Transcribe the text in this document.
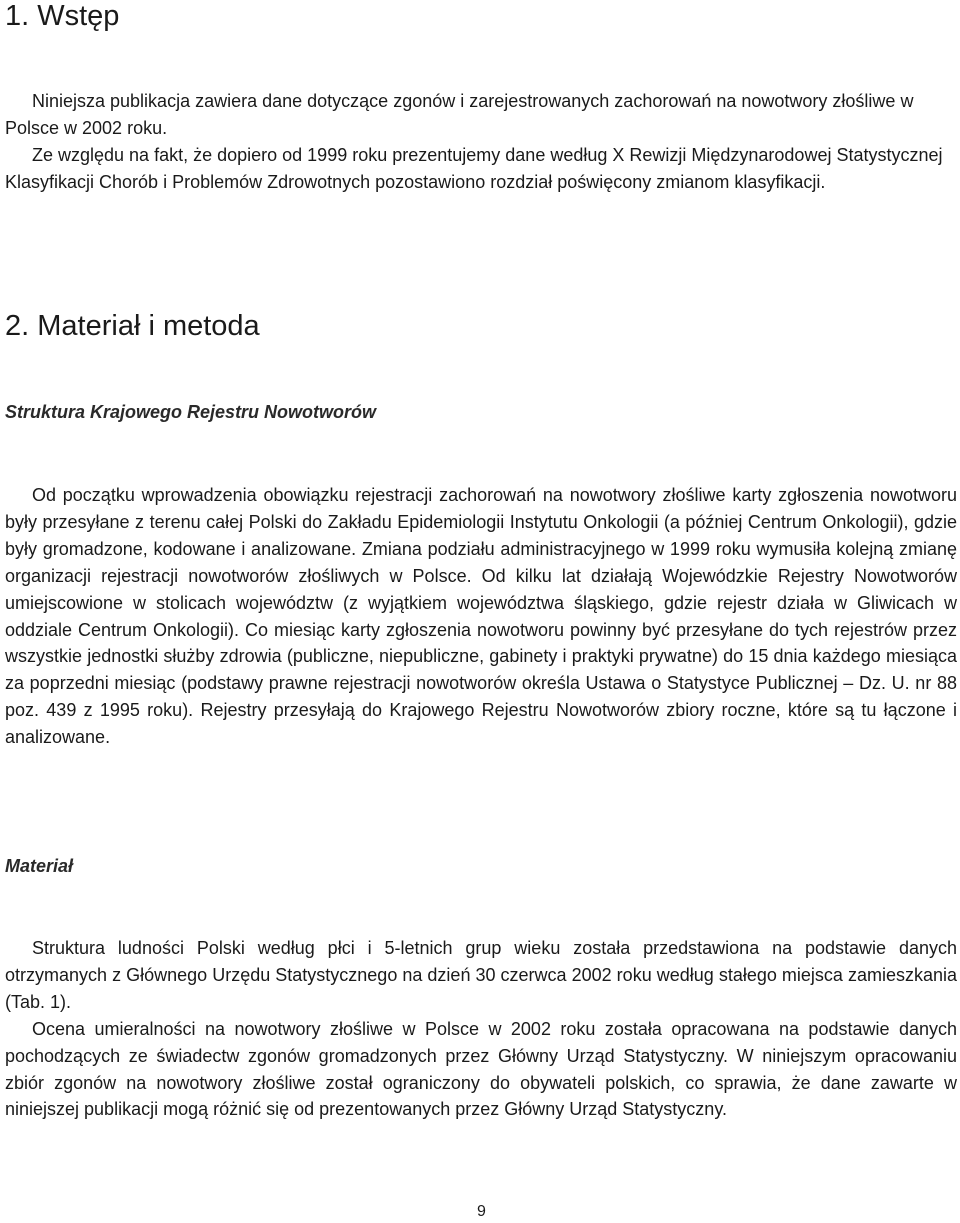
1. Wstęp

Niniejsza publikacja zawiera dane dotyczące zgonów i zarejestrowanych zachorowań na nowotwory złośliwe w Polsce w 2002 roku.

Ze względu na fakt, że dopiero od 1999 roku prezentujemy dane według X Rewizji Międzynarodowej Statystycznej Klasyfikacji Chorób i Problemów Zdrowotnych pozostawiono rozdział poświęcony zmianom klasyfikacji.

2. Materiał i metoda
Struktura Krajowego Rejestru Nowotworów

Od początku wprowadzenia obowiązku rejestracji zachorowań na nowotwory złośliwe karty zgłoszenia nowotworu były przesyłane z terenu całej Polski do Zakładu Epidemiologii Instytutu Onkologii (a później Centrum Onkologii), gdzie były gromadzone, kodowane i analizowane. Zmiana podziału administracyjnego w 1999 roku wymusiła kolejną zmianę organizacji rejestracji nowotworów złośliwych w Polsce. Od kilku lat działają Wojewódzkie Rejestry Nowotworów umiejscowione w stolicach województw (z wyjątkiem województwa śląskiego, gdzie rejestr działa w Gliwicach w oddziale Centrum Onkologii). Co miesiąc karty zgłoszenia nowotworu powinny być przesyłane do tych rejestrów przez wszystkie jednostki służby zdrowia (publiczne, niepubliczne, gabinety i praktyki prywatne) do 15 dnia każdego miesiąca za poprzedni miesiąc (podstawy prawne rejestracji nowotworów określa Ustawa o Statystyce Publicznej – Dz. U. nr 88 poz. 439 z 1995 roku). Rejestry przesyłają do Krajowego Rejestru Nowotworów zbiory roczne, które są tu łączone i analizowane.

Materiał

Struktura ludności Polski według płci i 5-letnich grup wieku została przedstawiona na podstawie danych otrzymanych z Głównego Urzędu Statystycznego na dzień 30 czerwca 2002 roku według stałego miejsca zamieszkania (Tab. 1).

Ocena umieralności na nowotwory złośliwe w Polsce w 2002 roku została opracowana na podstawie danych pochodzących ze świadectw zgonów gromadzonych przez Główny Urząd Statystyczny. W niniejszym opracowaniu zbiór zgonów na nowotwory złośliwe został ograniczony do obywateli polskich, co sprawia, że dane zawarte w niniejszej publikacji mogą różnić się od prezentowanych przez Główny Urząd Statystyczny.

9
